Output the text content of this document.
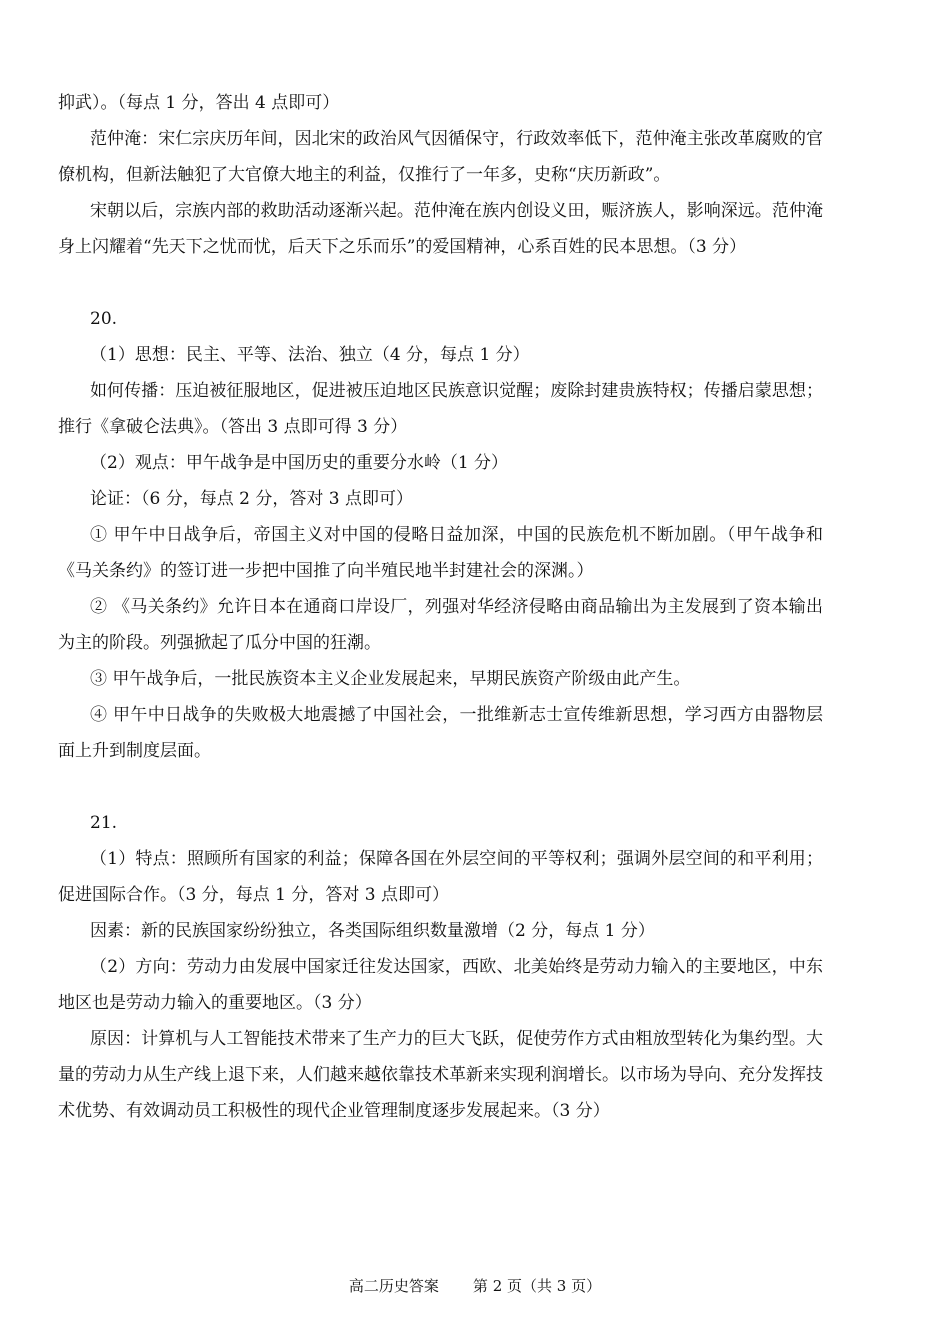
抑武）。（每点 1 分，答出 4 点即可）

范仲淹：宋仁宗庆历年间，因北宋的政治风气因循保守，行政效率低下，范仲淹主张改革腐败的官僚机构，但新法触犯了大官僚大地主的利益，仅推行了一年多，史称“庆历新政”。

宋朝以后，宗族内部的救助活动逐渐兴起。范仲淹在族内创设义田，赈济族人，影响深远。范仲淹身上闪耀着“先天下之忧而忧，后天下之乐而乐”的爱国精神，心系百姓的民本思想。（3 分）

20.

（1）思想：民主、平等、法治、独立（4 分，每点 1 分）

如何传播：压迫被征服地区，促进被压迫地区民族意识觉醒；废除封建贵族特权；传播启蒙思想；推行《拿破仑法典》。（答出 3 点即可得 3 分）

（2）观点：甲午战争是中国历史的重要分水岭（1 分）

论证：（6 分，每点 2 分，答对 3 点即可）

① 甲午中日战争后，帝国主义对中国的侵略日益加深，中国的民族危机不断加剧。（甲午战争和《马关条约》的签订进一步把中国推了向半殖民地半封建社会的深渊。）

② 《马关条约》允许日本在通商口岸设厂，列强对华经济侵略由商品输出为主发展到了资本输出为主的阶段。列强掀起了瓜分中国的狂潮。

③ 甲午战争后，一批民族资本主义企业发展起来，早期民族资产阶级由此产生。

④ 甲午中日战争的失败极大地震撼了中国社会，一批维新志士宣传维新思想，学习西方由器物层面上升到制度层面。

21.

（1）特点：照顾所有国家的利益；保障各国在外层空间的平等权利；强调外层空间的和平利用；促进国际合作。（3 分，每点 1 分，答对 3 点即可）

因素：新的民族国家纷纷独立，各类国际组织数量激增（2 分，每点 1 分）

（2）方向：劳动力由发展中国家迁往发达国家，西欧、北美始终是劳动力输入的主要地区，中东地区也是劳动力输入的重要地区。（3 分）

原因：计算机与人工智能技术带来了生产力的巨大飞跃，促使劳作方式由粗放型转化为集约型。大量的劳动力从生产线上退下来，人们越来越依靠技术革新来实现利润增长。以市场为导向、充分发挥技术优势、有效调动员工积极性的现代企业管理制度逐步发展起来。（3 分）

高二历史答案 第 2 页（共 3 页）
